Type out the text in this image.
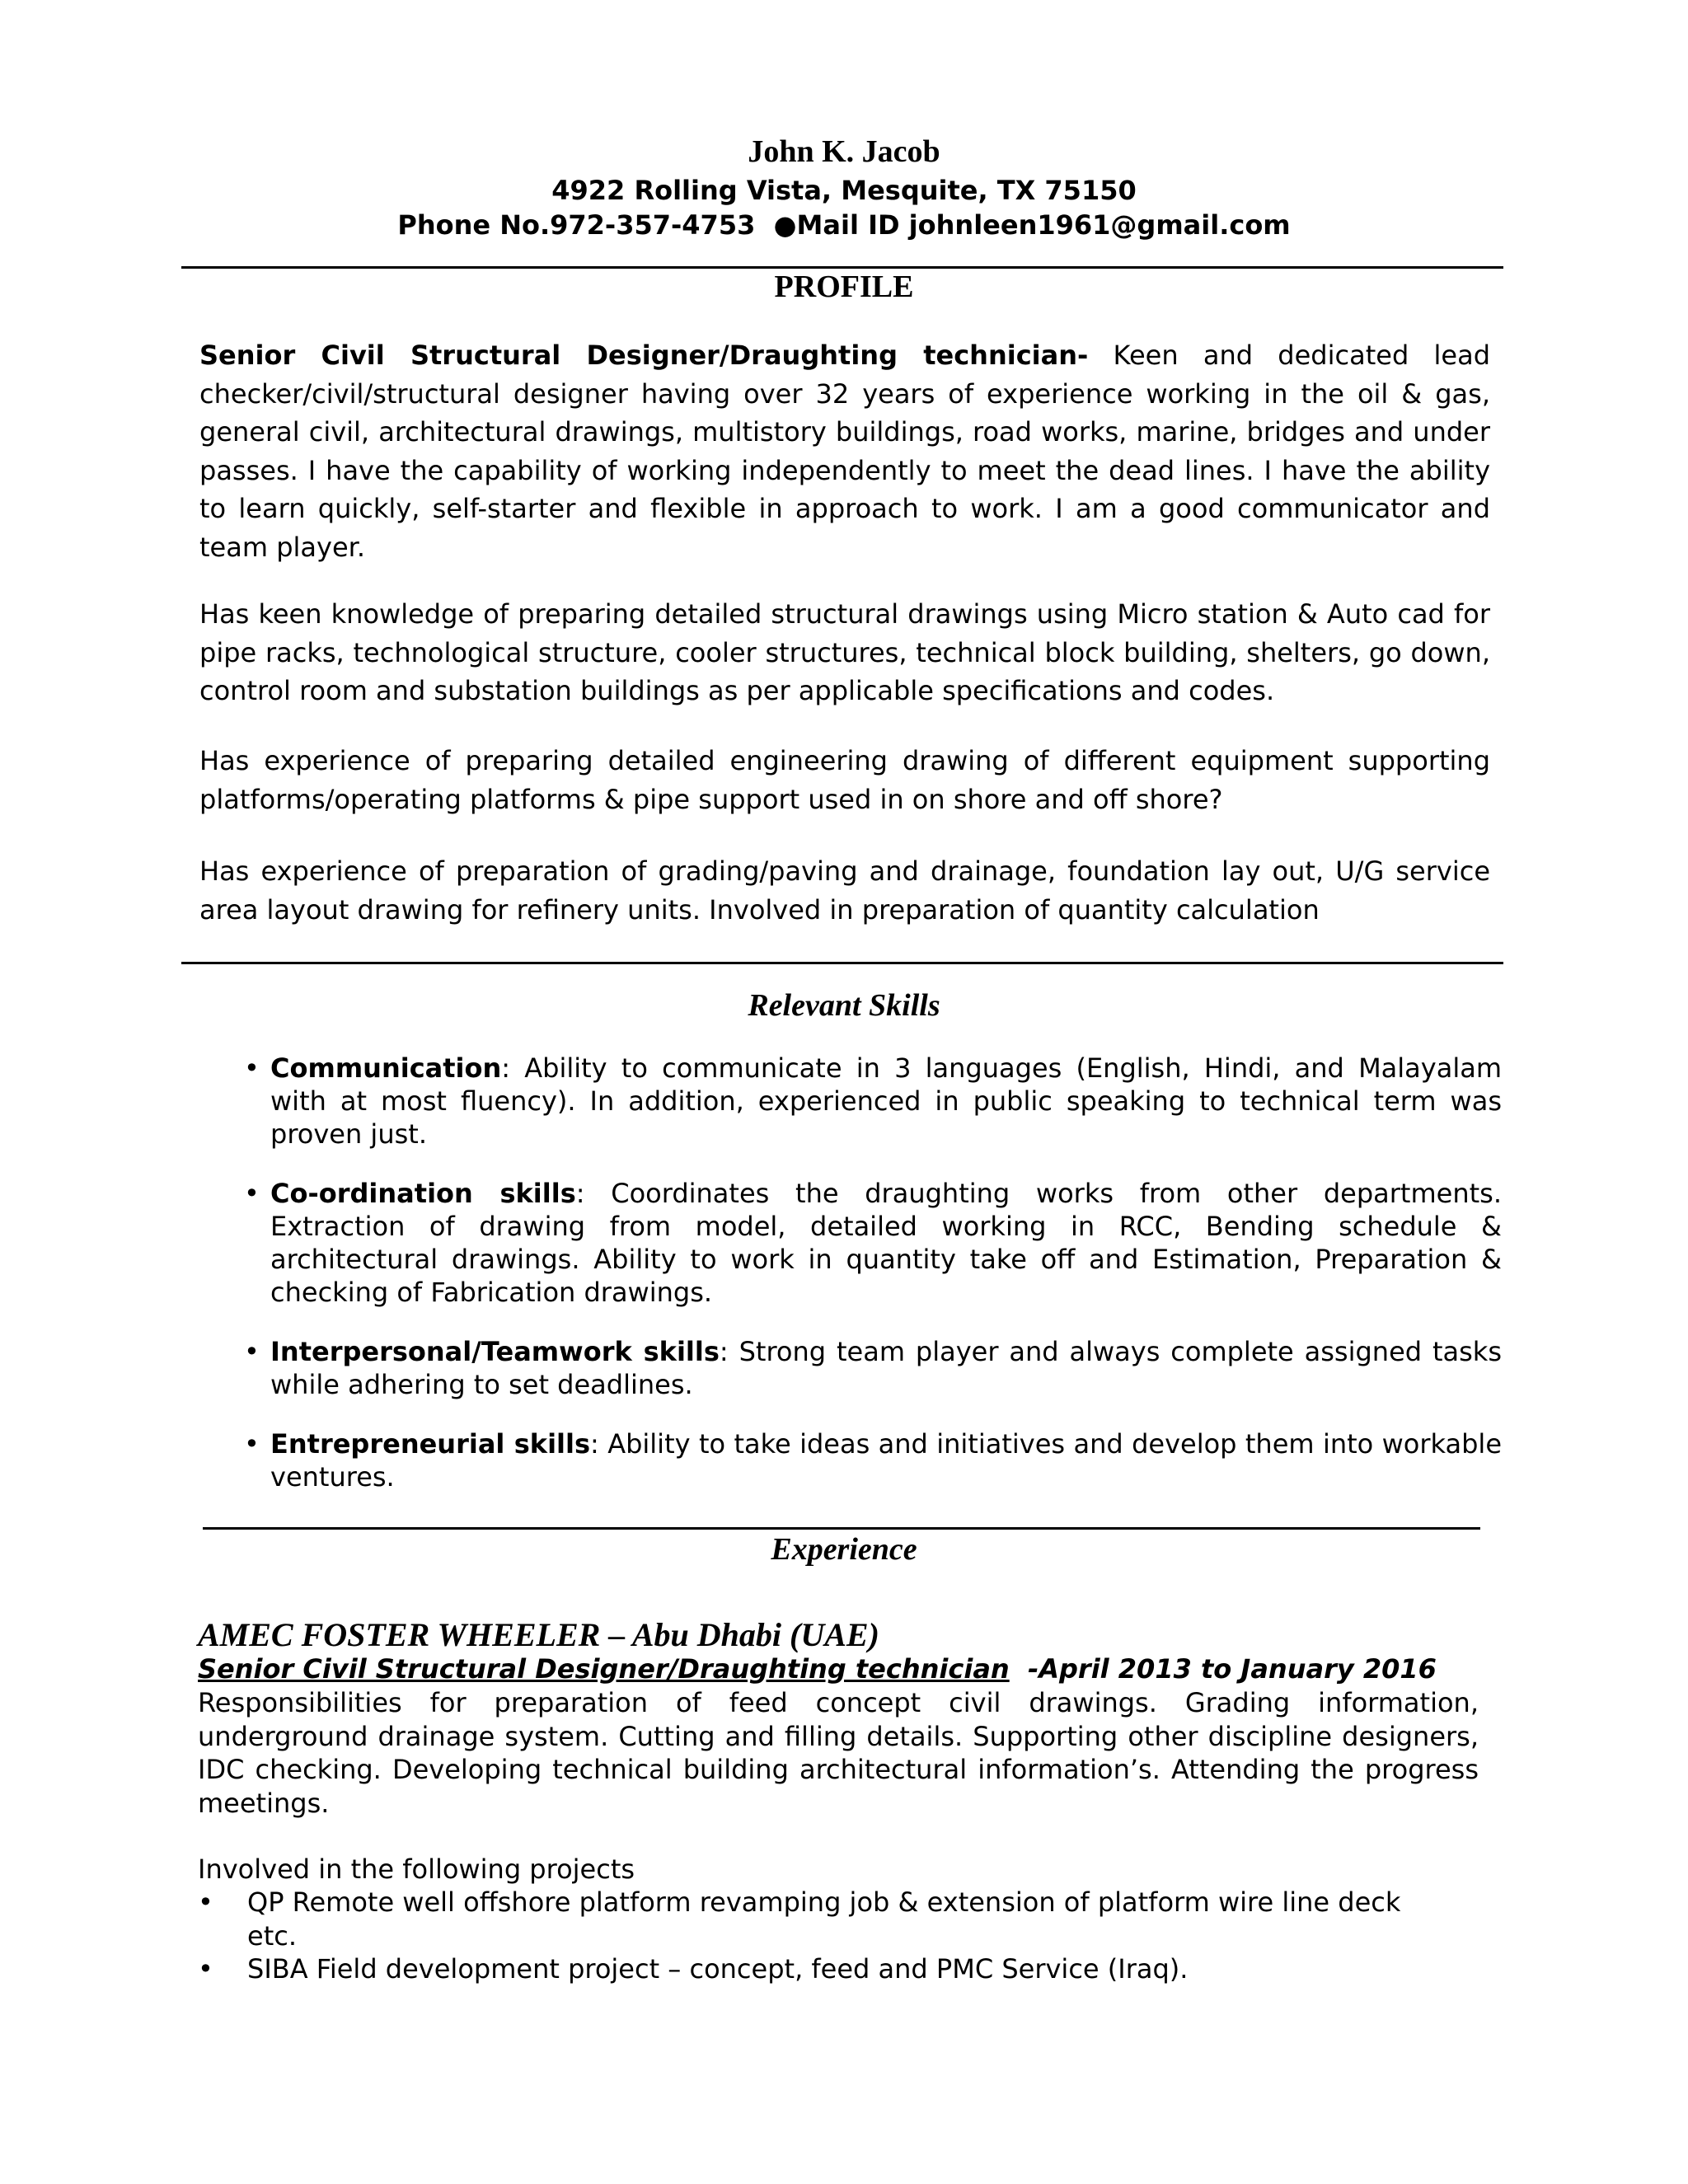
John K. Jacob
4922 Rolling Vista, Mesquite, TX 75150
Phone No.972-357-4753  ●Mail ID johnleen1961@gmail.com
PROFILE

Senior Civil Structural Designer/Draughting technician- Keen and dedicated lead checker/civil/structural designer having over 32 years of experience working in the oil & gas, general civil, architectural drawings, multistory buildings, road works, marine, bridges and under passes. I have the capability of working independently to meet the dead lines. I have the ability to learn quickly, self-starter and flexible in approach to work. I am a good communicator and team player.

Has keen knowledge of preparing detailed structural drawings using Micro station & Auto cad for pipe racks, technological structure, cooler structures, technical block building, shelters, go down, control room and substation buildings as per applicable specifications and codes.

Has experience of preparing detailed engineering drawing of different equipment supporting platforms/operating platforms & pipe support used in on shore and off shore?

Has experience of preparation of grading/paving and drainage, foundation lay out, U/G service area layout drawing for refinery units. Involved in preparation of quantity calculation

Relevant Skills
• Communication: Ability to communicate in 3 languages (English, Hindi, and Malayalam with at most fluency). In addition, experienced in public speaking to technical term was proven just.
• Co-ordination skills: Coordinates the draughting works from other departments. Extraction of drawing from model, detailed working in RCC, Bending schedule & architectural drawings. Ability to work in quantity take off and Estimation, Preparation & checking of Fabrication drawings.
• Interpersonal/Teamwork skills: Strong team player and always complete assigned tasks while adhering to set deadlines.
• Entrepreneurial skills: Ability to take ideas and initiatives and develop them into workable ventures.
Experience
AMEC FOSTER WHEELER – Abu Dhabi (UAE)
Senior Civil Structural Designer/Draughting technician  -April 2013 to January 2016

Responsibilities for preparation of feed concept civil drawings. Grading information, underground drainage system. Cutting and filling details. Supporting other discipline designers, IDC checking. Developing technical building architectural information’s. Attending the progress meetings.

Involved in the following projects
• QP Remote well offshore platform revamping job & extension of platform wire line deck etc.
• SIBA Field development project – concept, feed and PMC Service (Iraq).
